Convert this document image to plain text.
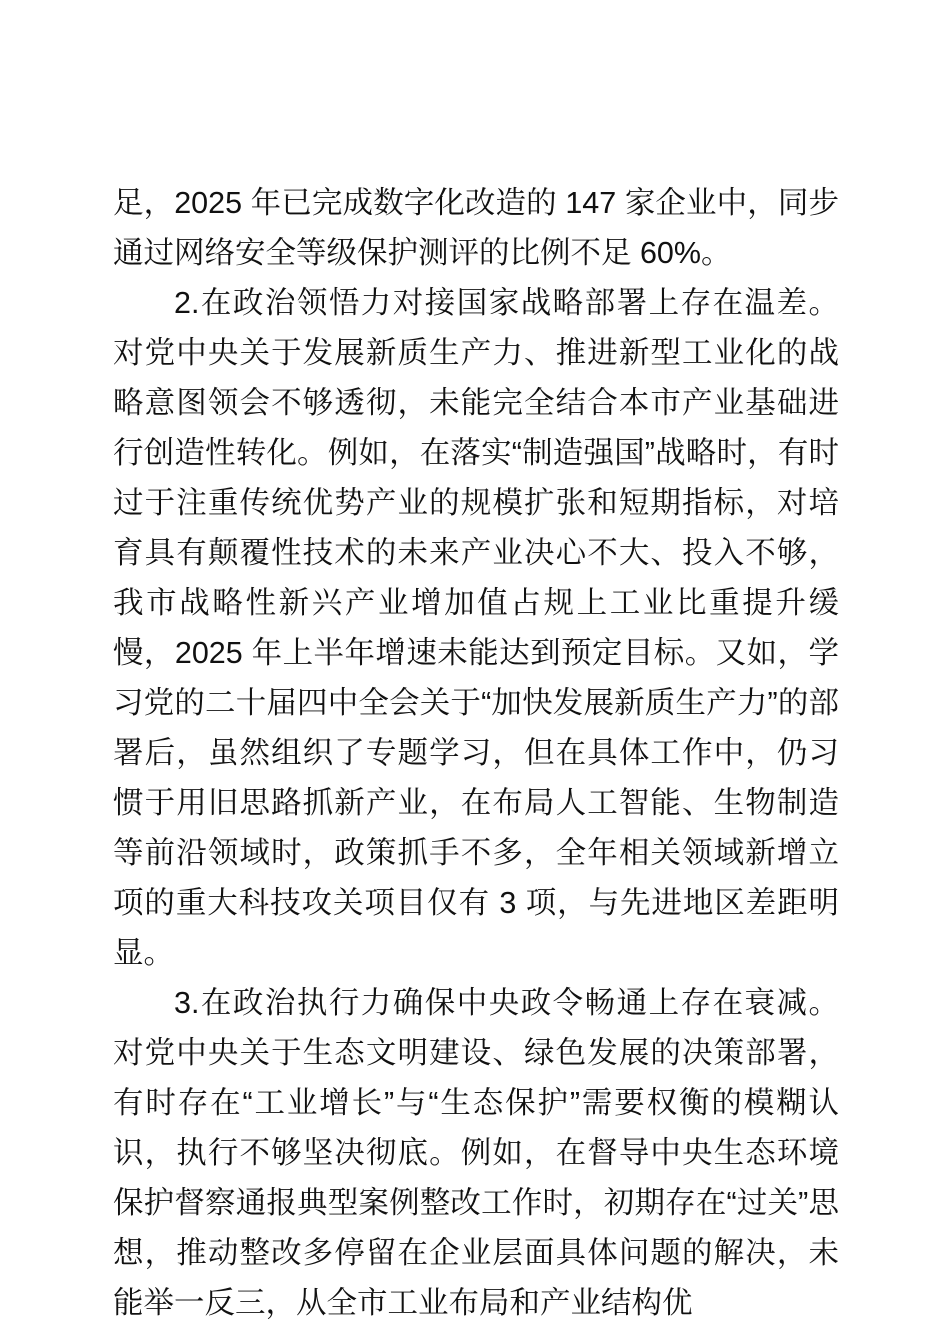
足，2025 年已完成数字化改造的 147 家企业中，同步通过网络安全等级保护测评的比例不足 60%。

2.在政治领悟力对接国家战略部署上存在温差。对党中央关于发展新质生产力、推进新型工业化的战略意图领会不够透彻，未能完全结合本市产业基础进行创造性转化。例如，在落实“制造强国”战略时，有时过于注重传统优势产业的规模扩张和短期指标，对培育具有颠覆性技术的未来产业决心不大、投入不够，我市战略性新兴产业增加值占规上工业比重提升缓慢，2025 年上半年增速未能达到预定目标。又如，学习党的二十届四中全会关于“加快发展新质生产力”的部署后，虽然组织了专题学习，但在具体工作中，仍习惯于用旧思路抓新产业，在布局人工智能、生物制造等前沿领域时，政策抓手不多，全年相关领域新增立项的重大科技攻关项目仅有 3 项，与先进地区差距明显。

3.在政治执行力确保中央政令畅通上存在衰减。对党中央关于生态文明建设、绿色发展的决策部署，有时存在“工业增长”与“生态保护”需要权衡的模糊认识，执行不够坚决彻底。例如，在督导中央生态环境保护督察通报典型案例整改工作时，初期存在“过关”思想，推动整改多停留在企业层面具体问题的解决，未能举一反三，从全市工业布局和产业结构优
